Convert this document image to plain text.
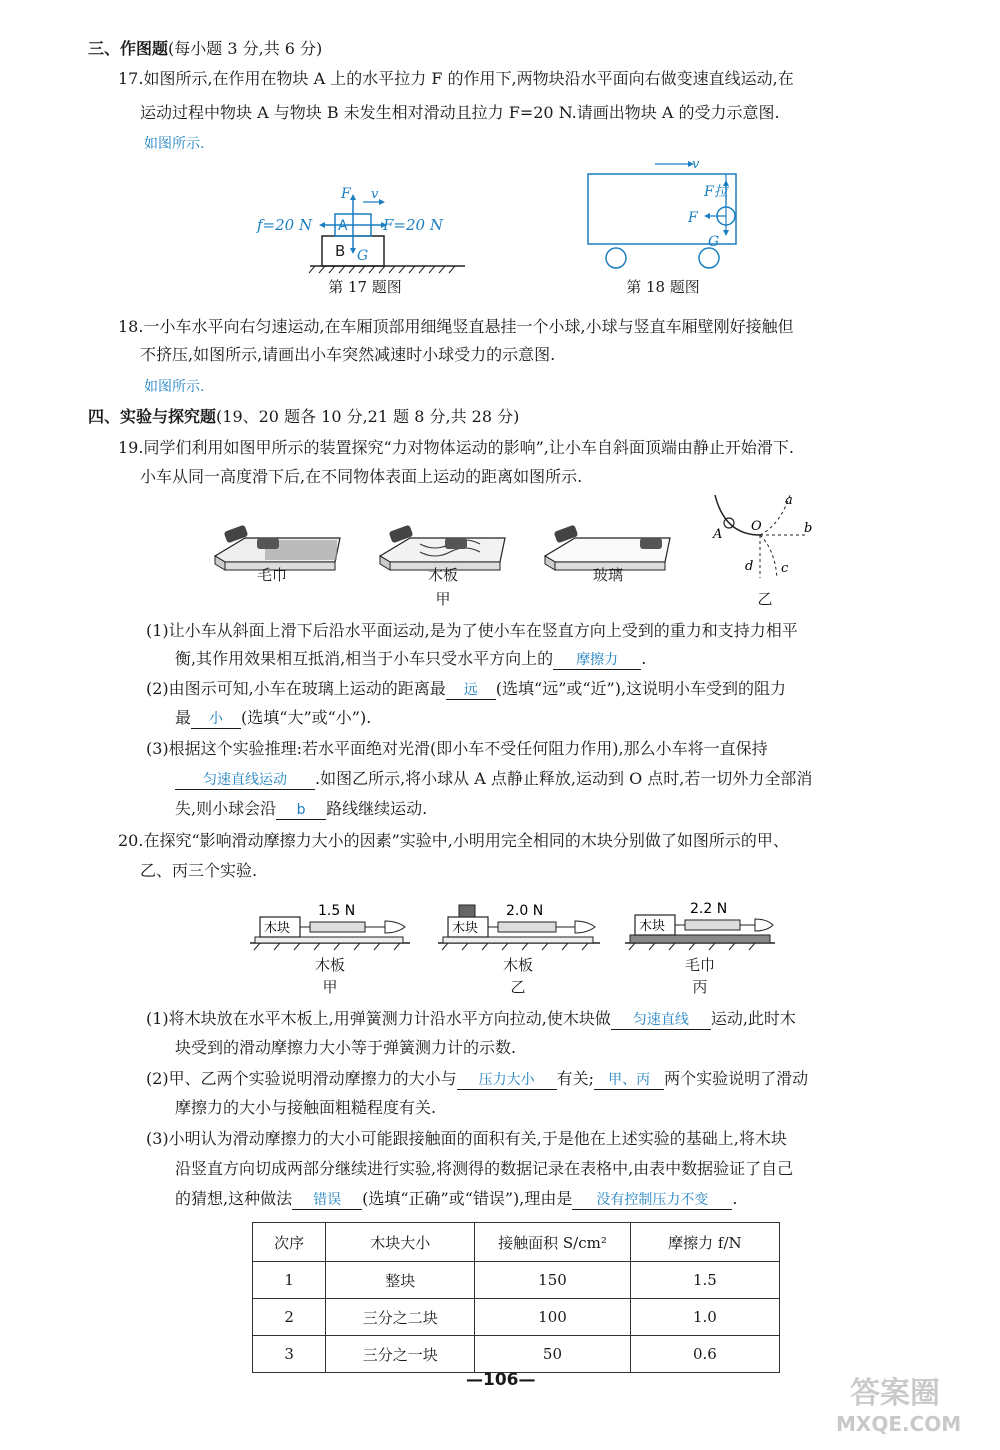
三、作图题(每小题 3 分,共 6 分)
17.如图所示,在作用在物块 A 上的水平拉力 F 的作用下,两物块沿水平面向右做变速直线运动,在
运动过程中物块 A 与物块 B 未发生相对滑动且拉力 F=20 N.请画出物块 A 的受力示意图.
如图所示.
f=20 N	F=20 N
F v
A
B G
第 17 题图
v
F拉
F
G
第 18 题图
18.一小车水平向右匀速运动,在车厢顶部用细绳竖直悬挂一个小球,小球与竖直车厢壁刚好接触但
不挤压,如图所示,请画出小车突然减速时小球受力的示意图.
如图所示.
四、实验与探究题(19、20 题各 10 分,21 题 8 分,共 28 分)
19.同学们利用如图甲所示的装置探究“力对物体运动的影响”,让小车自斜面顶端由静止开始滑下.
小车从同一高度滑下后,在不同物体表面上运动的距离如图所示.
毛巾	木板	玻璃
甲
A
O
a
b
c
d
乙
(1)让小车从斜面上滑下后沿水平面运动,是为了使小车在竖直方向上受到的重力和支持力相平
衡,其作用效果相互抵消,相当于小车只受水平方向上的 摩擦力 .
(2)由图示可知,小车在玻璃上运动的距离最 远 (选填“远”或“近”),这说明小车受到的阻力
最 小 (选填“大”或“小”).
(3)根据这个实验推理:若水平面绝对光滑(即小车不受任何阻力作用),那么小车将一直保持
匀速直线运动 .如图乙所示,将小球从 A 点静止释放,运动到 O 点时,若一切外力全部消
失,则小球会沿 b 路线继续运动.
20.在探究“影响滑动摩擦力大小的因素”实验中,小明用完全相同的木块分别做了如图所示的甲、
乙、丙三个实验.
木块
1.5 N
木块
2.0 N
木块
2.2 N
木板	木板	毛巾
甲	乙	丙
(1)将木块放在水平木板上,用弹簧测力计沿水平方向拉动,使木块做 匀速直线 运动,此时木
块受到的滑动摩擦力大小等于弹簧测力计的示数.
(2)甲、乙两个实验说明滑动摩擦力的大小与 压力大小 有关; 甲、丙 两个实验说明了滑动
摩擦力的大小与接触面粗糙程度有关.
(3)小明认为滑动摩擦力的大小可能跟接触面的面积有关,于是他在上述实验的基础上,将木块
沿竖直方向切成两部分继续进行实验,将测得的数据记录在表格中,由表中数据验证了自己
的猜想,这种做法 错误 (选填“正确”或“错误”),理由是 没有控制压力不变 .
次序	木块大小	接触面积 S/cm²	摩擦力 f/N
1	整块	150	1.5
2	三分之二块	100	1.0
3	三分之一块	50	0.6
—106—	答案圈
MXQE.COM
